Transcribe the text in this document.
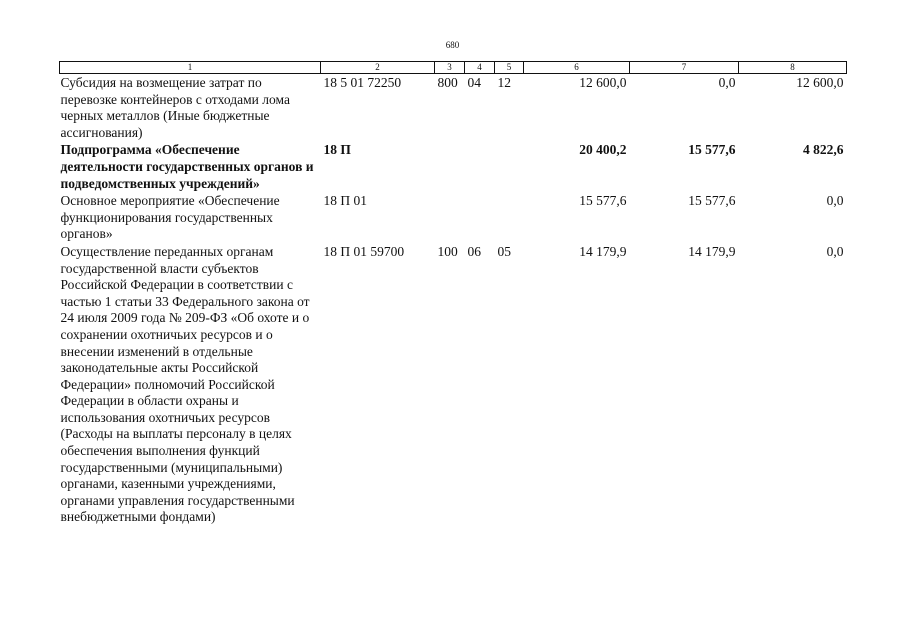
680
1	2	3	4	5	6	7	8
Субсидия на возмещение затрат по перевозке контейнеров с отходами лома черных металлов (Иные бюджетные ассигнования)	18 5 01 72250	800	04	12	12 600,0	0,0	12 600,0
Подпрограмма «Обеспечение деятельности государственных органов и подведомственных учреждений»	18 П				20 400,2	15 577,6	4 822,6
Основное мероприятие «Обеспечение функционирования государственных органов»	18 П 01				15 577,6	15 577,6	0,0
Осуществление переданных органам государственной власти субъектов Российской Федерации в соответствии с частью 1 статьи 33 Федерального закона от 24 июля 2009 года № 209-ФЗ «Об охоте и о сохранении охотничьих ресурсов и о внесении изменений в отдельные законодательные акты Российской Федерации» полномочий Российской Федерации в области охраны и использования охотничьих ресурсов (Расходы на выплаты персоналу в целях обеспечения выполнения функций государственными (муниципальными) органами, казенными учреждениями, органами управления государственными внебюджетными фондами)	18 П 01 59700	100	06	05	14 179,9	14 179,9	0,0
